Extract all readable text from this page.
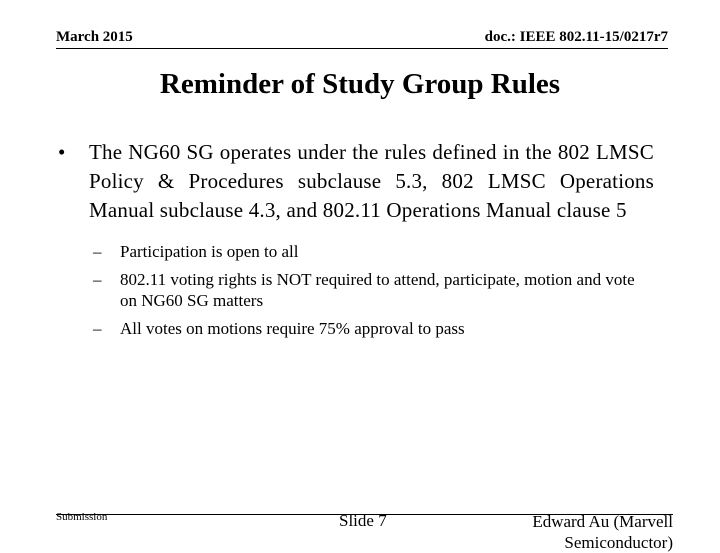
March 2015	doc.: IEEE 802.11-15/0217r7
Reminder of Study Group Rules
• The NG60 SG operates under the rules defined in the 802 LMSC Policy & Procedures subclause 5.3, 802 LMSC Operations Manual subclause 4.3, and 802.11 Operations Manual clause 5
– Participation is open to all
– 802.11 voting rights is NOT required to attend, participate, motion and vote on NG60 SG matters
– All votes on motions require 75% approval to pass
Submission	Slide 7	Edward Au (Marvell Semiconductor)
